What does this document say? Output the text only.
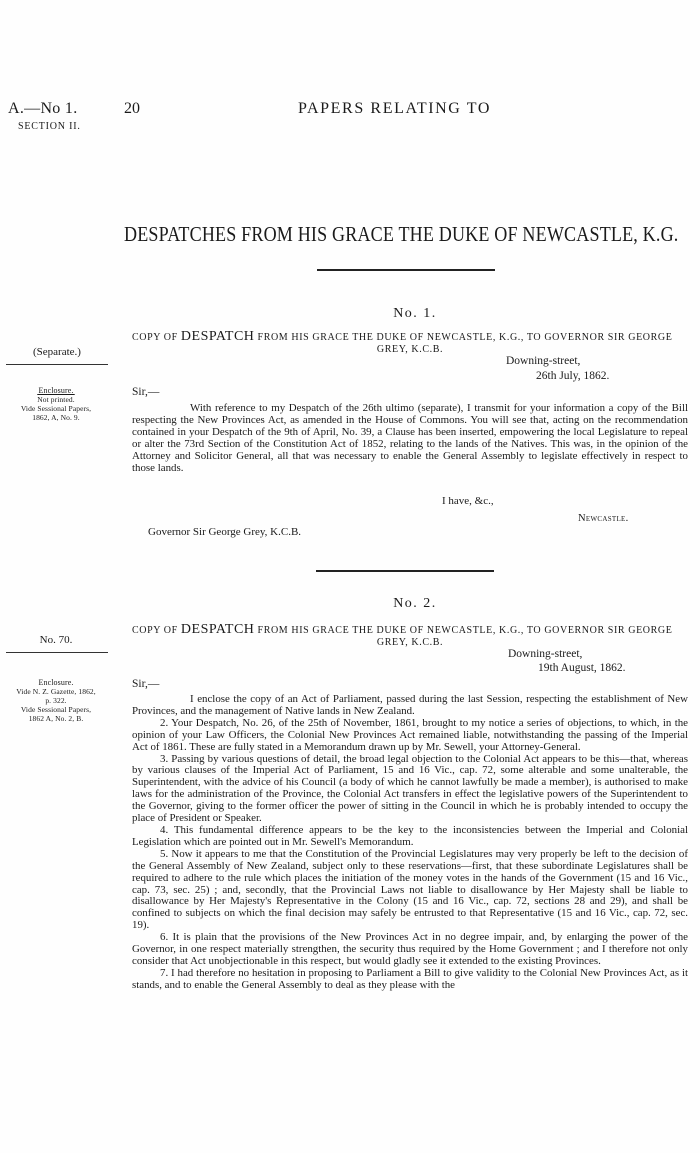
A.—No 1.	20	PAPERS RELATING TO
SECTION II.
DESPATCHES FROM HIS GRACE THE DUKE OF NEWCASTLE, K.G.
No. 1.
COPY OF DESPATCH FROM HIS GRACE THE DUKE OF NEWCASTLE, K.G., TO GOVERNOR SIR GEORGE
GREY, K.C.B.
(Separate.)
Downing-street,
26th July, 1862.
Sir,—
Enclosure.
Not printed.
Vide Sessional Papers,
1862, A, No. 9.

With reference to my Despatch of the 26th ultimo (separate), I transmit for your information a copy of the Bill respecting the New Provinces Act, as amended in the House of Commons. You will see that, acting on the recommendation contained in your Despatch of the 9th of April, No. 39, a Clause has been inserted, empowering the local Legislature to repeal or alter the 73rd Section of the Constitution Act of 1852, relating to the lands of the Natives. This was, in the opinion of the Attorney and Solicitor General, all that was necessary to enable the General Assembly to legislate effectively in respect to those lands.

I have, &c.,
Newcastle.
Governor Sir George Grey, K.C.B.
No. 2.
COPY OF DESPATCH FROM HIS GRACE THE DUKE OF NEWCASTLE, K.G., TO GOVERNOR SIR GEORGE
GREY, K.C.B.
No. 70.
Downing-street,
19th August, 1862.
Enclosure.
Vide N. Z. Gazette, 1862,
p. 322.
Vide Sessional Papers,
1862 A, No. 2, B.
Sir,—

I enclose the copy of an Act of Parliament, passed during the last Session, respecting the establishment of New Provinces, and the management of Native lands in New Zealand.

2. Your Despatch, No. 26, of the 25th of November, 1861, brought to my notice a series of objections, to which, in the opinion of your Law Officers, the Colonial New Provinces Act remained liable, notwithstanding the passing of the Imperial Act of 1861. These are fully stated in a Memorandum drawn up by Mr. Sewell, your Attorney-General.

3. Passing by various questions of detail, the broad legal objection to the Colonial Act appears to be this—that, whereas by various clauses of the Imperial Act of Parliament, 15 and 16 Vic., cap. 72, some alterable and some unalterable, the Superintendent, with the advice of his Council (a body of which he cannot lawfully be made a member), is authorised to make laws for the administration of the Province, the Colonial Act transfers in effect the legislative powers of the Superintendent to the Governor, giving to the former officer the power of sitting in the Council in which he is probably intended to occupy the place of President or Speaker.

4. This fundamental difference appears to be the key to the inconsistencies between the Imperial and Colonial Legislation which are pointed out in Mr. Sewell's Memorandum.

5. Now it appears to me that the Constitution of the Provincial Legislatures may very properly be left to the decision of the General Assembly of New Zealand, subject only to these reservations—first, that these subordinate Legislatures shall be required to adhere to the rule which places the initiation of the money votes in the hands of the Government (15 and 16 Vic., cap. 73, sec. 25) ; and, secondly, that the Provincial Laws not liable to disallowance by Her Majesty shall be liable to disallowance by Her Majesty's Representative in the Colony (15 and 16 Vic., cap. 72, sections 28 and 29), and shall be confined to subjects on which the final decision may safely be entrusted to that Representative (15 and 16 Vic., cap. 72, sec. 19).

6. It is plain that the provisions of the New Provinces Act in no degree impair, and, by enlarging the power of the Governor, in one respect materially strengthen, the security thus required by the Home Government ; and I therefore not only consider that Act unobjectionable in this respect, but would gladly see it extended to the existing Provinces.

7. I had therefore no hesitation in proposing to Parliament a Bill to give validity to the Colonial New Provinces Act, as it stands, and to enable the General Assembly to deal as they please with the
